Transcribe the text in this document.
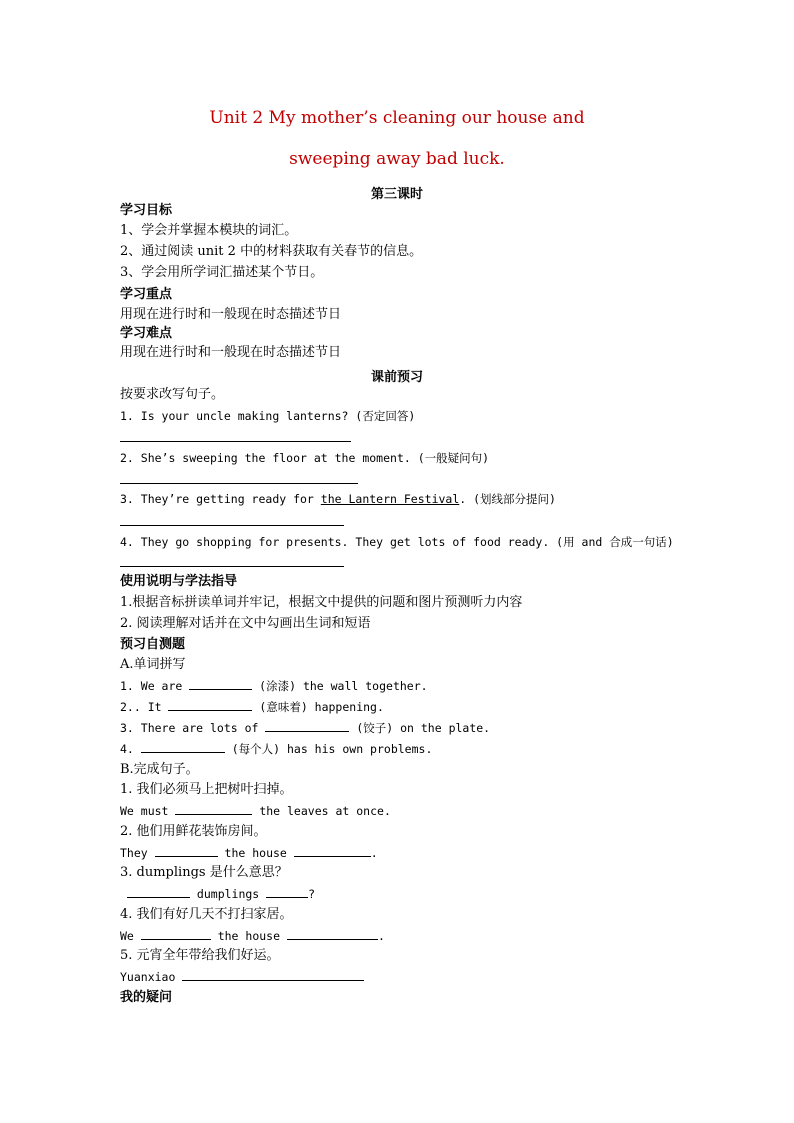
Unit 2 My mother’s cleaning our house and
sweeping away bad luck.
第三课时
学习目标
1、学会并掌握本模块的词汇。
2、通过阅读 unit 2 中的材料获取有关春节的信息。
3、学会用所学词汇描述某个节日。
学习重点
用现在进行时和一般现在时态描述节日
学习难点
用现在进行时和一般现在时态描述节日
课前预习
按要求改写句子。
1. Is your uncle making lanterns? (否定回答)
2. She’s sweeping the floor at the moment. (一般疑问句)
3. They’re getting ready for the Lantern Festival. (划线部分提问)
4. They go shopping for presents. They get lots of food ready. (用 and 合成一句话)
使用说明与学法指导
1.根据音标拼读单词并牢记，根据文中提供的问题和图片预测听力内容
2. 阅读理解对话并在文中勾画出生词和短语
预习自测题
A.单词拼写
1. We are	(涂漆) the wall together.
2.. It	(意味着) happening.
3. There are lots of	(饺子) on the plate.
4.	(每个人) has his own problems.
B.完成句子。
1. 我们必须马上把树叶扫掉。
We must	the leaves at once.
2. 他们用鲜花装饰房间。
They	the house	.
3. dumplings 是什么意思？
dumplings	?
4. 我们有好几天不打扫家居。
We	the house	.
5. 元宵全年带给我们好运。
Yuanxiao
我的疑问
